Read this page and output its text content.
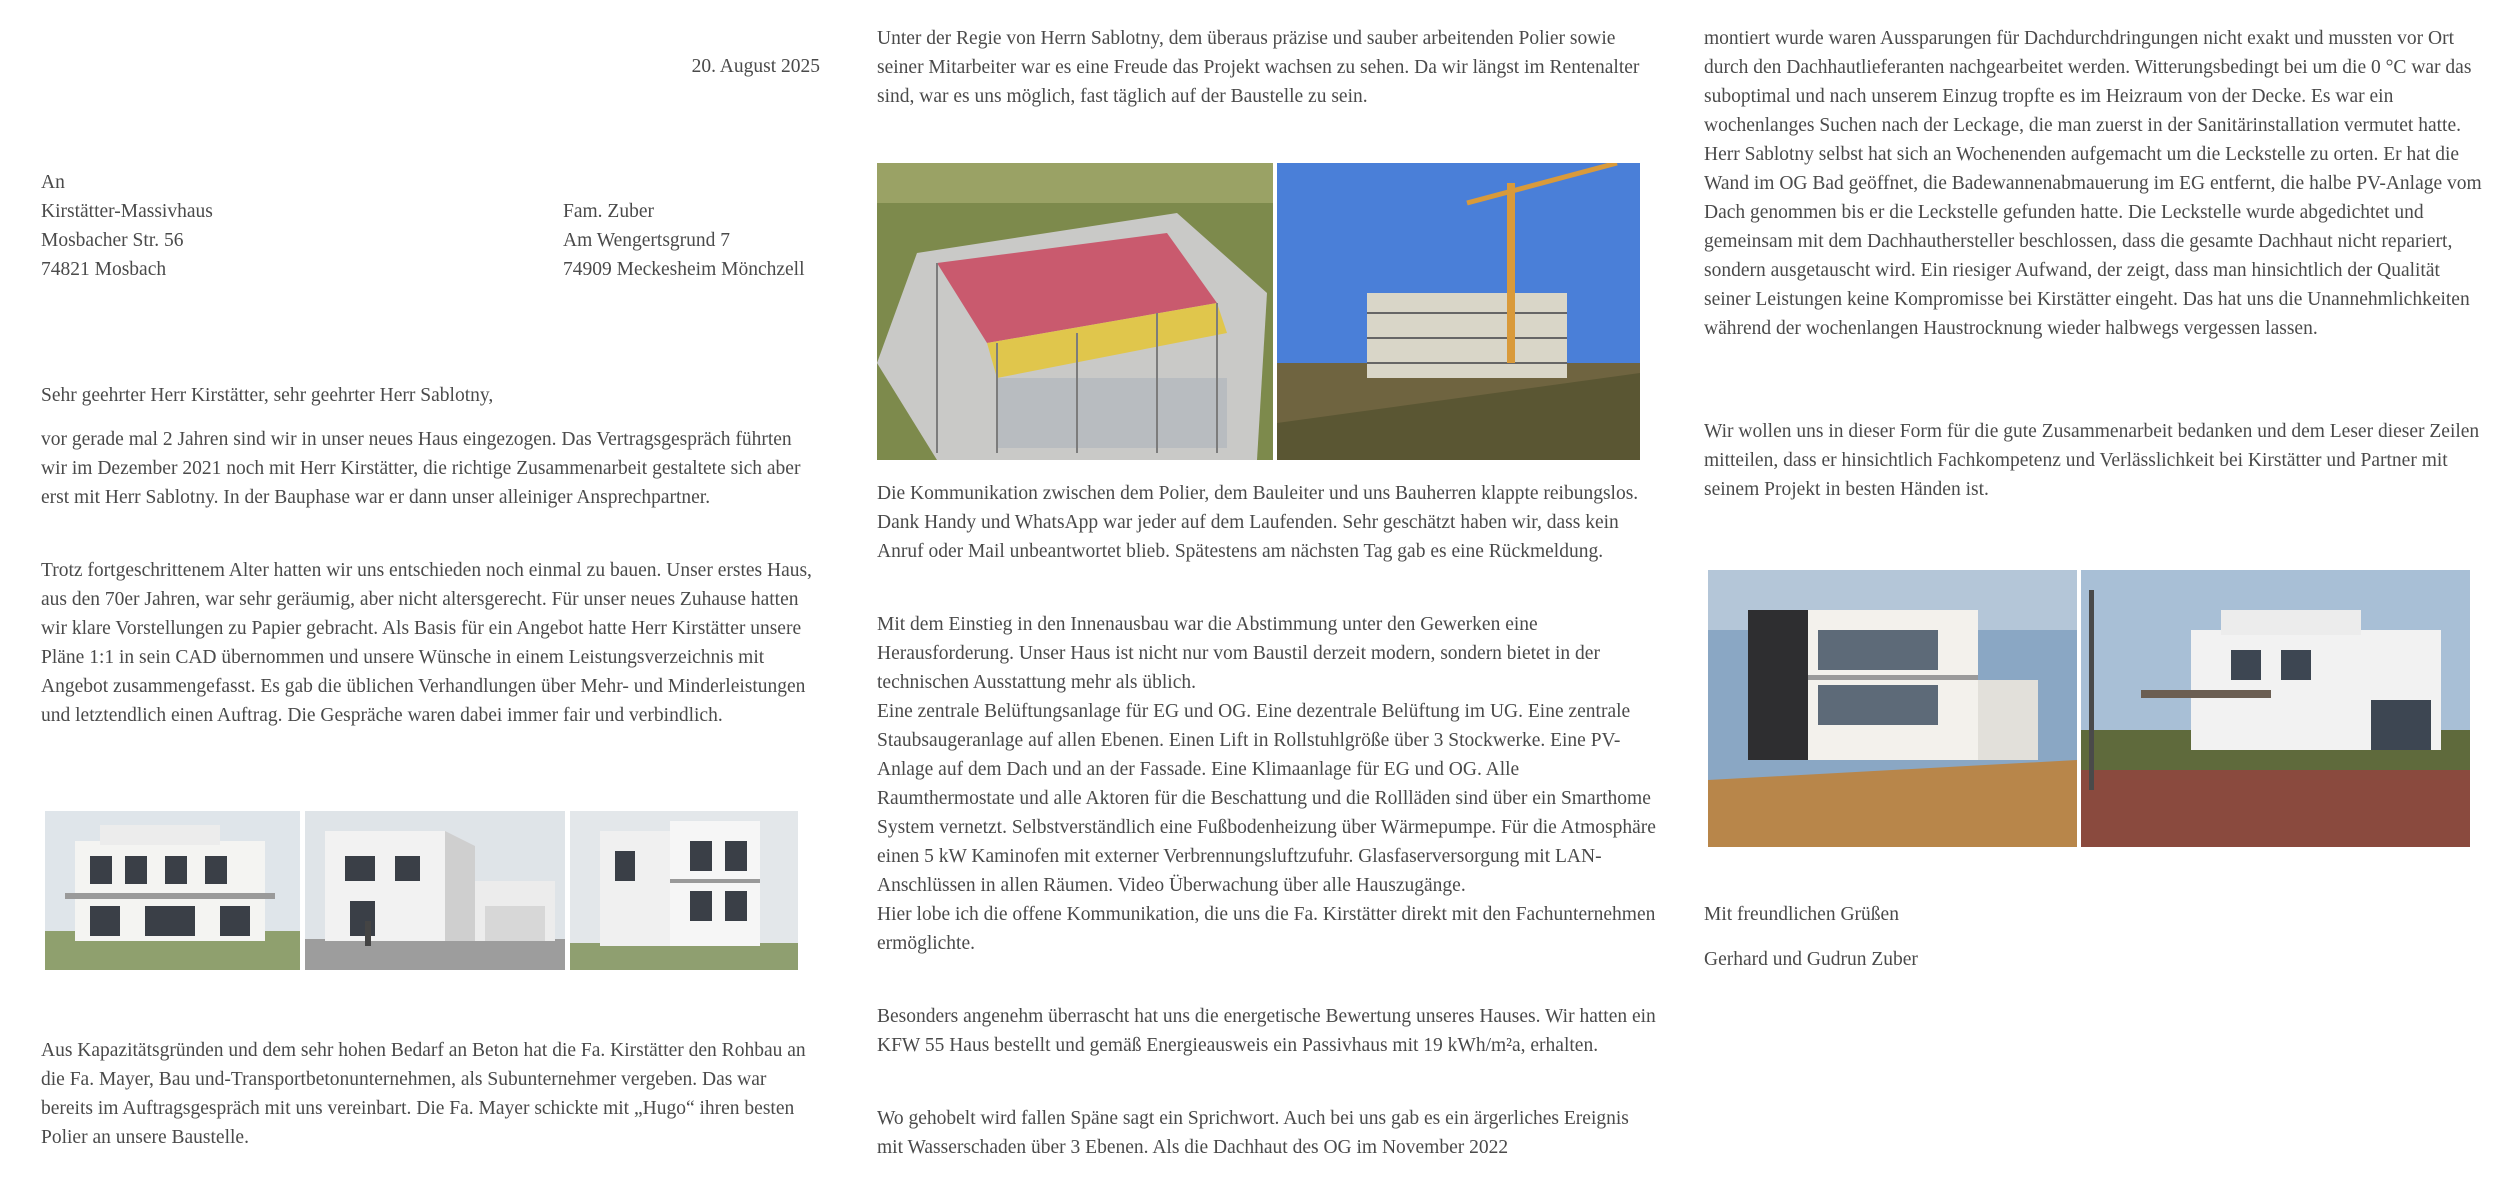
20. August 2025
An
Kirstätter-Massivhaus
Mosbacher Str. 56
74821 Mosbach
Fam. Zuber
Am Wengertsgrund 7
74909 Meckesheim Mönchzell
Sehr geehrter Herr Kirstätter, sehr geehrter Herr Sablotny,

vor gerade mal 2 Jahren sind wir in unser neues Haus eingezogen. Das Vertragsgespräch führten wir im Dezember 2021 noch mit Herr Kirstätter, die richtige Zusammenarbeit gestaltete sich aber erst mit Herr Sablotny. In der Bauphase war er dann unser alleiniger Ansprechpartner.

Trotz fortgeschrittenem Alter hatten wir uns entschieden noch einmal zu bauen. Unser erstes Haus, aus den 70er Jahren, war sehr geräumig, aber nicht altersgerecht. Für unser neues Zuhause hatten wir klare Vorstellungen zu Papier gebracht. Als Basis für ein Angebot hatte Herr Kirstätter unsere Pläne 1:1 in sein CAD übernommen und unsere Wünsche in einem Leistungsverzeichnis mit Angebot zusammengefasst. Es gab die üblichen Verhandlungen über Mehr- und Minderleistungen und letztendlich einen Auftrag. Die Gespräche waren dabei immer fair und verbindlich.

Aus Kapazitätsgründen und dem sehr hohen Bedarf an Beton hat die Fa. Kirstätter den Rohbau an die Fa. Mayer, Bau und-Transportbetonunternehmen, als Subunternehmer vergeben. Das war bereits im Auftragsgespräch mit uns vereinbart. Die Fa. Mayer schickte mit „Hugo“ ihren besten Polier an unsere Baustelle.

Unter der Regie von Herrn Sablotny, dem überaus präzise und sauber arbeitenden Polier sowie seiner Mitarbeiter war es eine Freude das Projekt wachsen zu sehen. Da wir längst im Rentenalter sind, war es uns möglich, fast täglich auf der Baustelle zu sein.

Die Kommunikation zwischen dem Polier, dem Bauleiter und uns Bauherren klappte reibungslos. Dank Handy und WhatsApp war jeder auf dem Laufenden. Sehr geschätzt haben wir, dass kein Anruf oder Mail unbeantwortet blieb. Spätestens am nächsten Tag gab es eine Rückmeldung.

Mit dem Einstieg in den Innenausbau war die Abstimmung unter den Gewerken eine Herausforderung. Unser Haus ist nicht nur vom Baustil derzeit modern, sondern bietet in der technischen Ausstattung mehr als üblich.
Eine zentrale Belüftungsanlage für EG und OG. Eine dezentrale Belüftung im UG. Eine zentrale Staubsaugeranlage auf allen Ebenen. Einen Lift in Rollstuhlgröße über 3 Stockwerke. Eine PV-Anlage auf dem Dach und an der Fassade. Eine Klimaanlage für EG und OG. Alle Raumthermostate und alle Aktoren für die Beschattung und die Rollläden sind über ein Smarthome System vernetzt. Selbstverständlich eine Fußbodenheizung über Wärmepumpe. Für die Atmosphäre einen 5 kW Kaminofen mit externer Verbrennungsluftzufuhr. Glasfaserversorgung mit LAN-Anschlüssen in allen Räumen. Video Überwachung über alle Hauszugänge.
Hier lobe ich die offene Kommunikation, die uns die Fa. Kirstätter direkt mit den Fachunternehmen ermöglichte.

Besonders angenehm überrascht hat uns die energetische Bewertung unseres Hauses. Wir hatten ein KFW 55 Haus bestellt und gemäß Energieausweis ein Passivhaus mit 19 kWh/m²a, erhalten.

Wo gehobelt wird fallen Späne sagt ein Sprichwort. Auch bei uns gab es ein ärgerliches Ereignis mit Wasserschaden über 3 Ebenen. Als die Dachhaut des OG im November 2022

montiert wurde waren Aussparungen für Dachdurchdringungen nicht exakt und mussten vor Ort durch den Dachhautlieferanten nachgearbeitet werden. Witterungsbedingt bei um die 0 °C war das suboptimal und nach unserem Einzug tropfte es im Heizraum von der Decke. Es war ein wochenlanges Suchen nach der Leckage, die man zuerst in der Sanitärinstallation vermutet hatte. Herr Sablotny selbst hat sich an Wochenenden aufgemacht um die Leckstelle zu orten. Er hat die Wand im OG Bad geöffnet, die Badewannenabmauerung im EG entfernt, die halbe PV-Anlage vom Dach genommen bis er die Leckstelle gefunden hatte. Die Leckstelle wurde abgedichtet und gemeinsam mit dem Dachhauthersteller beschlossen, dass die gesamte Dachhaut nicht repariert, sondern ausgetauscht wird. Ein riesiger Aufwand, der zeigt, dass man hinsichtlich der Qualität seiner Leistungen keine Kompromisse bei Kirstätter eingeht. Das hat uns die Unannehmlichkeiten während der wochenlangen Haustrocknung wieder halbwegs vergessen lassen.

Wir wollen uns in dieser Form für die gute Zusammenarbeit bedanken und dem Leser dieser Zeilen mitteilen, dass er hinsichtlich Fachkompetenz und Verlässlichkeit bei Kirstätter und Partner mit seinem Projekt in besten Händen ist.

Mit freundlichen Grüßen
Gerhard und Gudrun Zuber
